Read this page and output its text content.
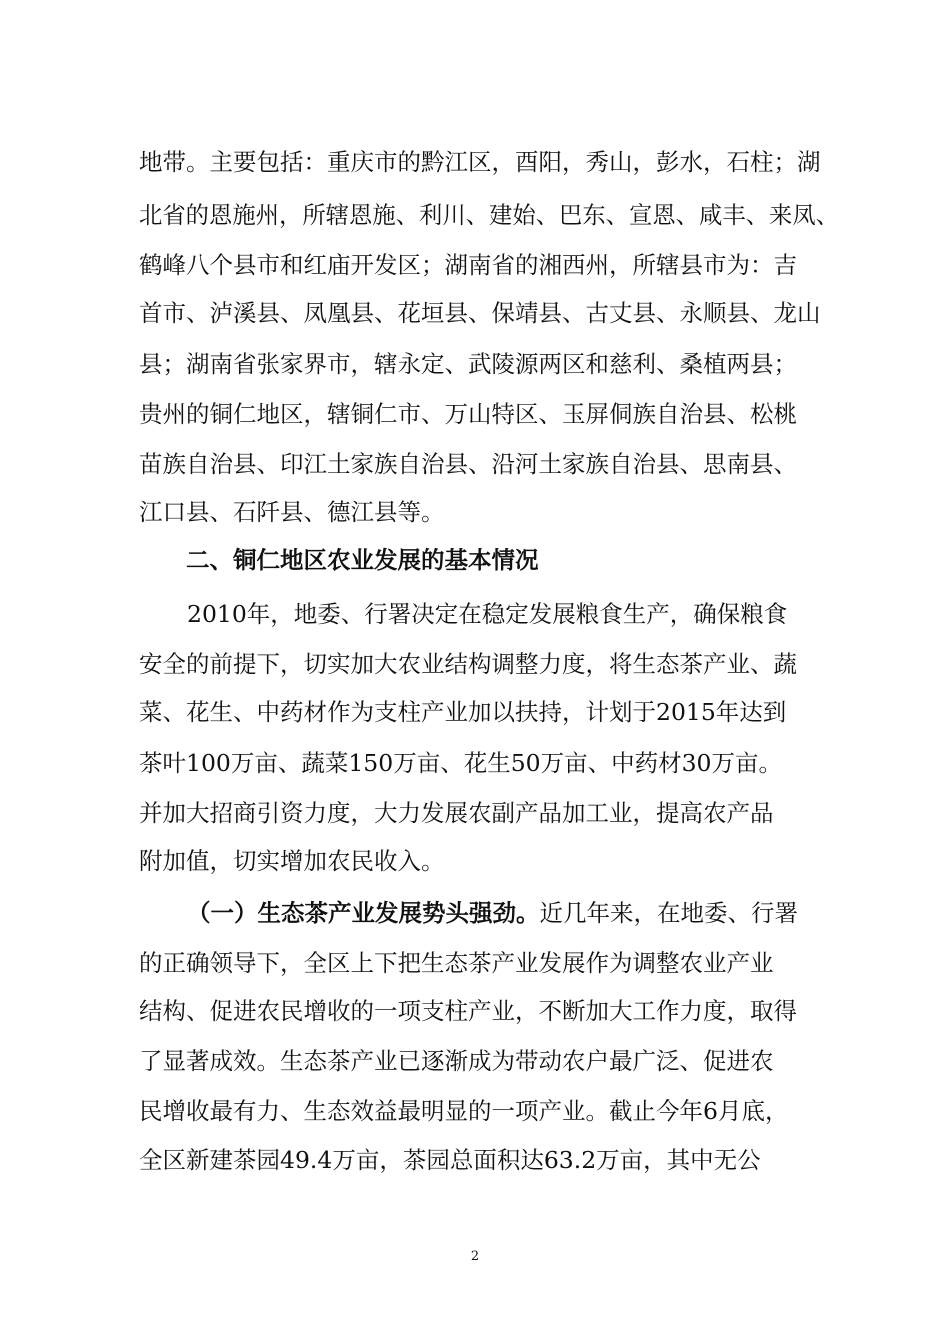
地带。主要包括：重庆市的黔江区，酉阳，秀山，彭水，石柱；湖
北省的恩施州，所辖恩施、利川、建始、巴东、宣恩、咸丰、来凤、
鹤峰八个县市和红庙开发区；湖南省的湘西州，所辖县市为：吉
首市、泸溪县、凤凰县、花垣县、保靖县、古丈县、永顺县、龙山
县；湖南省张家界市，辖永定、武陵源两区和慈利、桑植两县；
贵州的铜仁地区，辖铜仁市、万山特区、玉屏侗族自治县、松桃
苗族自治县、印江土家族自治县、沿河土家族自治县、思南县、
江口县、石阡县、德江县等。
二、铜仁地区农业发展的基本情况
2010年，地委、行署决定在稳定发展粮食生产，确保粮食
安全的前提下，切实加大农业结构调整力度，将生态茶产业、蔬
菜、花生、中药材作为支柱产业加以扶持，计划于2015年达到
茶叶100万亩、蔬菜150万亩、花生50万亩、中药材30万亩。
并加大招商引资力度，大力发展农副产品加工业，提高农产品
附加值，切实增加农民收入。
（一）生态茶产业发展势头强劲。近几年来，在地委、行署
的正确领导下，全区上下把生态茶产业发展作为调整农业产业
结构、促进农民增收的一项支柱产业，不断加大工作力度，取得
了显著成效。生态茶产业已逐渐成为带动农户最广泛、促进农
民增收最有力、生态效益最明显的一项产业。截止今年6月底，
全区新建茶园49.4万亩，茶园总面积达63.2万亩，其中无公
2
